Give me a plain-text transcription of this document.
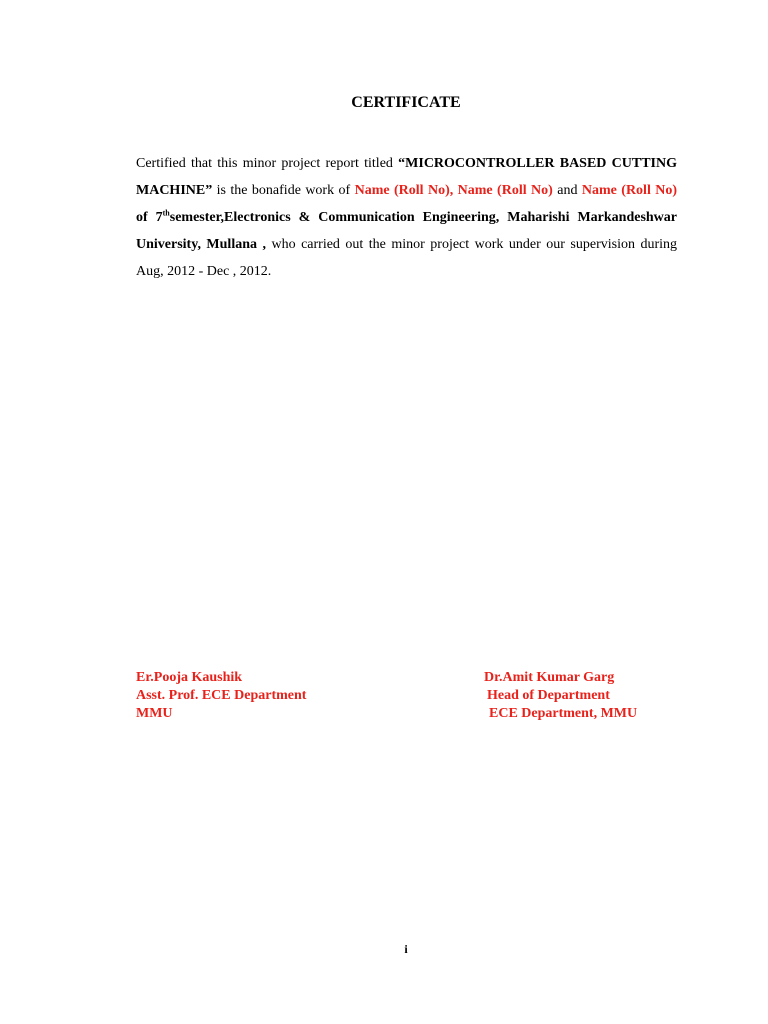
CERTIFICATE
Certified that this minor project report titled “MICROCONTROLLER BASED CUTTING MACHINE” is the bonafide work of Name (Roll No), Name (Roll No) and Name (Roll No) of 7thsemester,Electronics & Communication Engineering, Maharishi Markandeshwar University, Mullana , who carried out the minor project work under our supervision during Aug, 2012 - Dec , 2012.
Er.Pooja Kaushik
Asst. Prof. ECE Department
MMU
Dr.Amit Kumar Garg
Head of Department
ECE Department, MMU
i
